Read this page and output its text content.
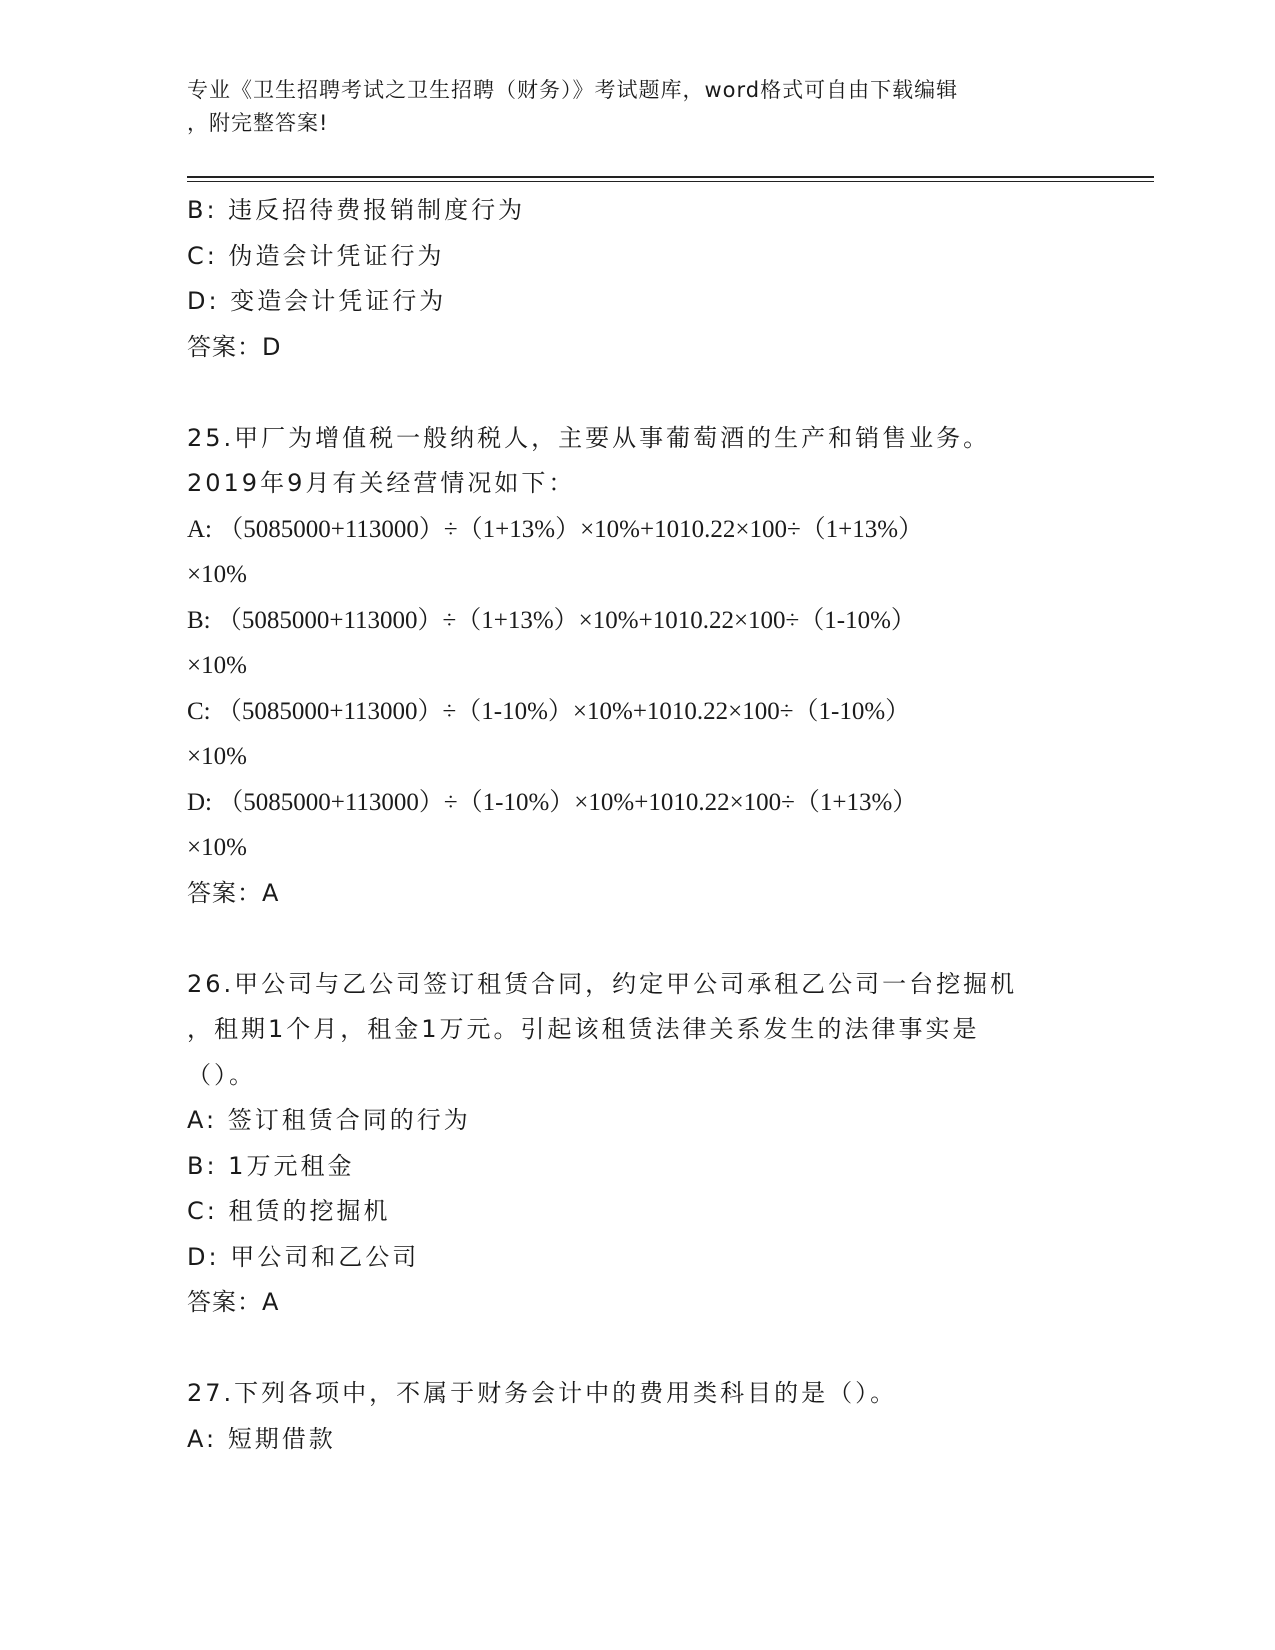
专业《卫生招聘考试之卫生招聘（财务）》考试题库，word格式可自由下载编辑
，附完整答案!
B: 违反招待费报销制度行为
C: 伪造会计凭证行为
D: 变造会计凭证行为
答案：D
25.甲厂为增值税一般纳税人，主要从事葡萄酒的生产和销售业务。
2019年9月有关经营情况如下：
A: （5085000+113000）÷（1+13%）×10%+1010.22×100÷（1+13%）
×10%
B: （5085000+113000）÷（1+13%）×10%+1010.22×100÷（1-10%）
×10%
C: （5085000+113000）÷（1-10%）×10%+1010.22×100÷（1-10%）
×10%
D: （5085000+113000）÷（1-10%）×10%+1010.22×100÷（1+13%）
×10%
答案：A
26.甲公司与乙公司签订租赁合同，约定甲公司承租乙公司一台挖掘机
，租期1个月，租金1万元。引起该租赁法律关系发生的法律事实是
（）。
A: 签订租赁合同的行为
B: 1万元租金
C: 租赁的挖掘机
D: 甲公司和乙公司
答案：A
27.下列各项中，不属于财务会计中的费用类科目的是（）。
A: 短期借款
